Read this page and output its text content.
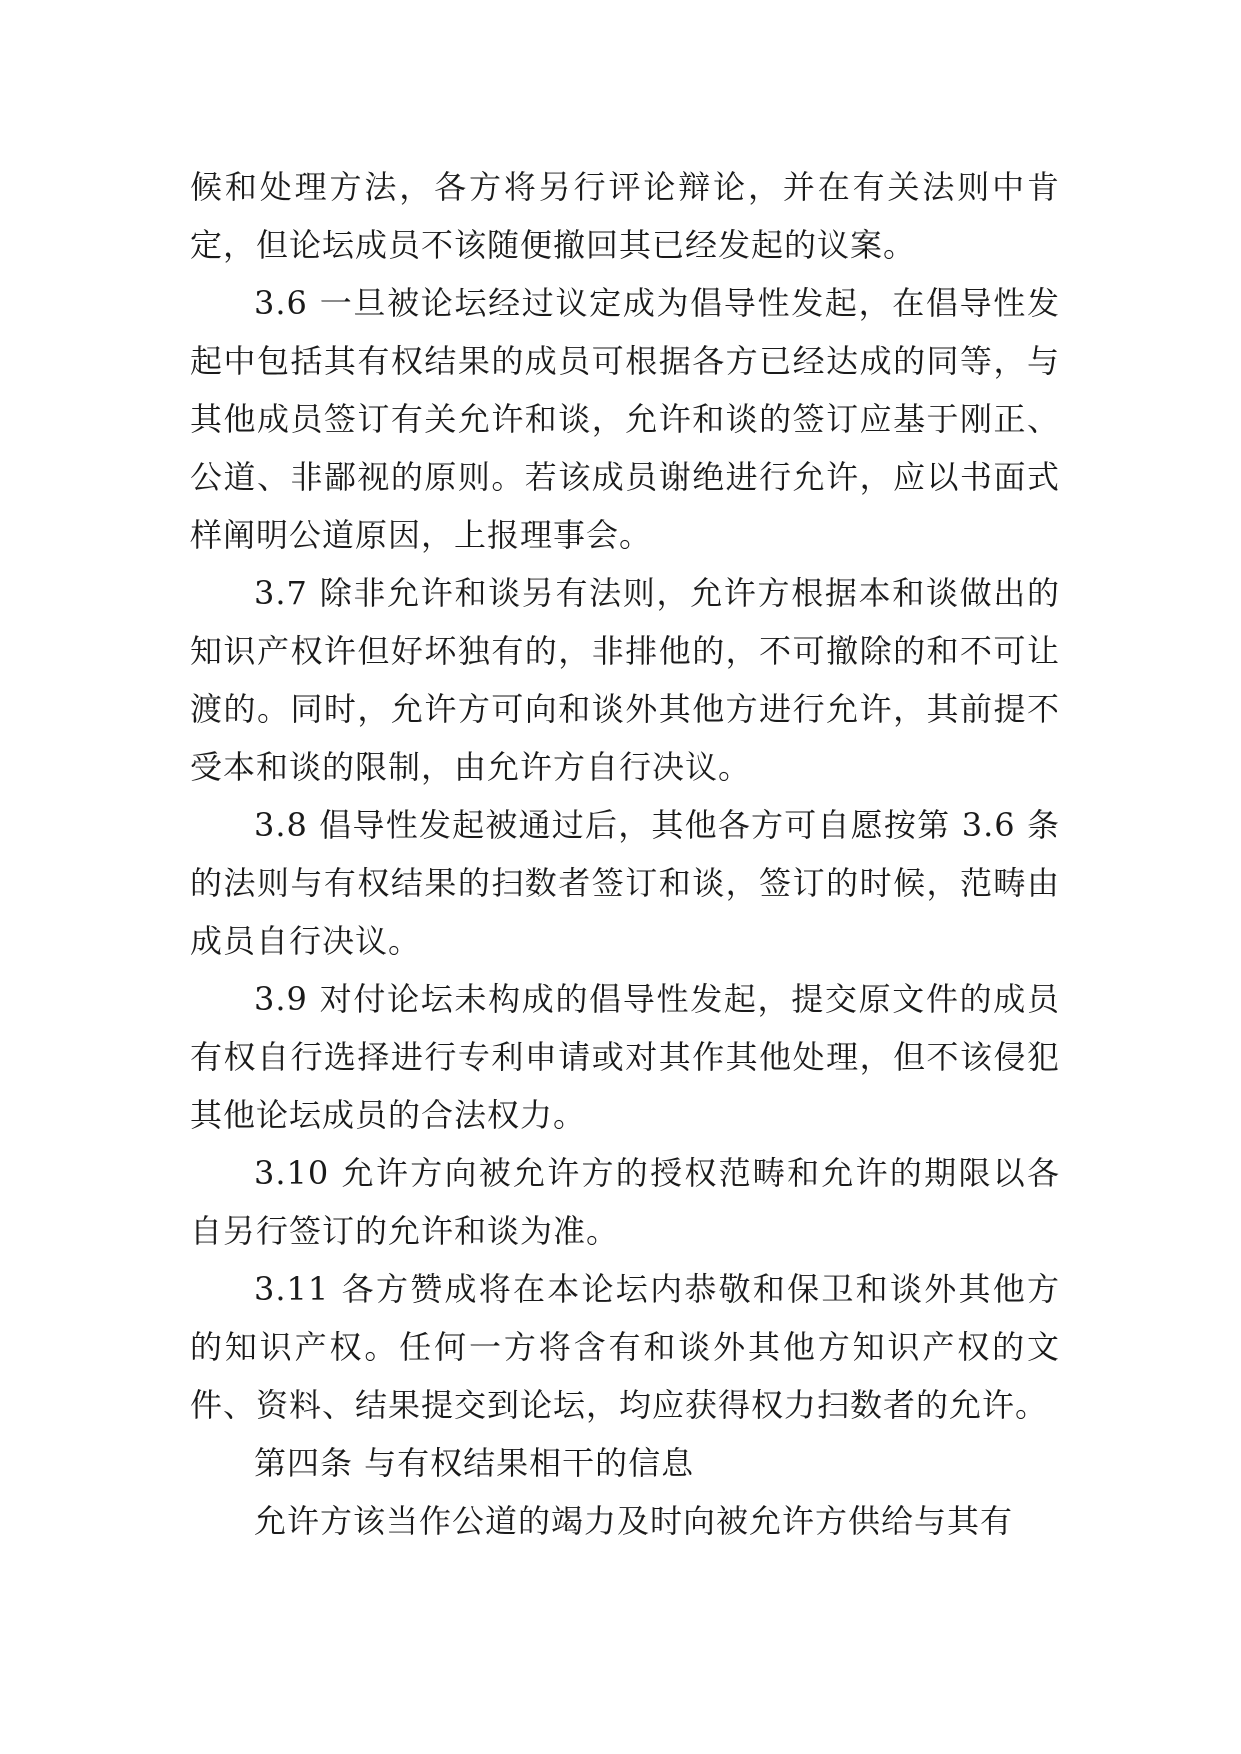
候和处理方法，各方将另行评论辩论，并在有关法则中肯定，但论坛成员不该随便撤回其已经发起的议案。

3.6 一旦被论坛经过议定成为倡导性发起，在倡导性发起中包括其有权结果的成员可根据各方已经达成的同等，与其他成员签订有关允许和谈，允许和谈的签订应基于刚正、公道、非鄙视的原则。若该成员谢绝进行允许，应以书面式样阐明公道原因，上报理事会。

3.7 除非允许和谈另有法则，允许方根据本和谈做出的知识产权许但好坏独有的，非排他的，不可撤除的和不可让渡的。同时，允许方可向和谈外其他方进行允许，其前提不受本和谈的限制，由允许方自行决议。

3.8 倡导性发起被通过后，其他各方可自愿按第 3.6 条的法则与有权结果的扫数者签订和谈，签订的时候，范畴由成员自行决议。

3.9 对付论坛未构成的倡导性发起，提交原文件的成员有权自行选择进行专利申请或对其作其他处理，但不该侵犯其他论坛成员的合法权力。

3.10 允许方向被允许方的授权范畴和允许的期限以各自另行签订的允许和谈为准。

3.11 各方赞成将在本论坛内恭敬和保卫和谈外其他方的知识产权。任何一方将含有和谈外其他方知识产权的文件、资料、结果提交到论坛，均应获得权力扫数者的允许。

第四条 与有权结果相干的信息

允许方该当作公道的竭力及时向被允许方供给与其有
